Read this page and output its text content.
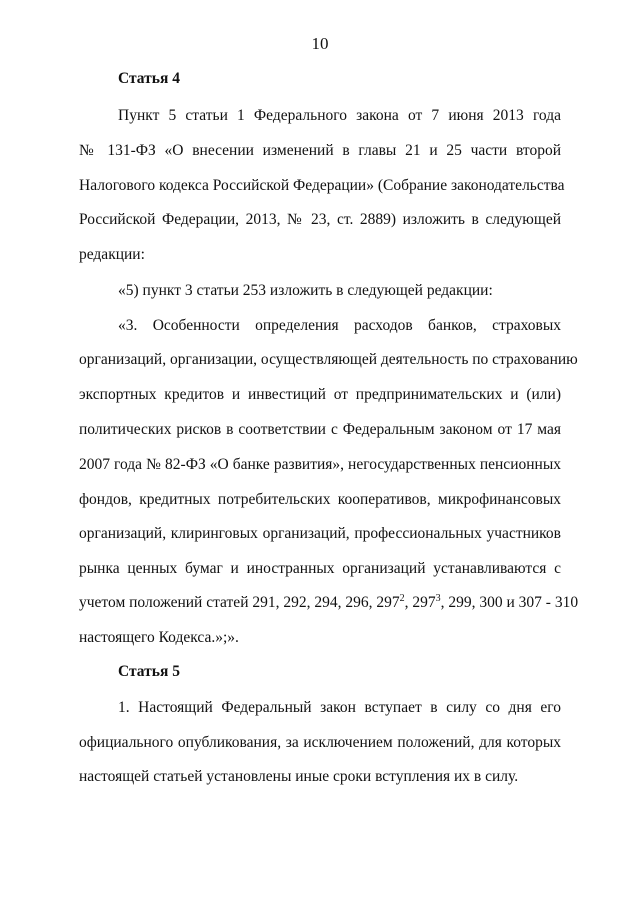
10
Статья 4
Пункт 5 статьи 1 Федерального закона от 7 июня 2013 года
№ 131-ФЗ «О внесении изменений в главы 21 и 25 части второй
Налогового кодекса Российской Федерации» (Собрание законодательства
Российской Федерации, 2013, № 23, ст. 2889) изложить в следующей
редакции:
«5) пункт 3 статьи 253 изложить в следующей редакции:
«3. Особенности определения расходов банков, страховых
организаций, организации, осуществляющей деятельность по страхованию
экспортных кредитов и инвестиций от предпринимательских и (или)
политических рисков в соответствии с Федеральным законом от 17 мая
2007 года № 82-ФЗ «О банке развития», негосударственных пенсионных
фондов, кредитных потребительских кооперативов, микрофинансовых
организаций, клиринговых организаций, профессиональных участников
рынка ценных бумаг и иностранных организаций устанавливаются с
учетом положений статей 291, 292, 294, 296, $297^2$, $297^3$, 299, 300 и 307 - 310
настоящего Кодекса.»;».
Статья 5
1. Настоящий Федеральный закон вступает в силу со дня его
официального опубликования, за исключением положений, для которых
настоящей статьей установлены иные сроки вступления их в силу.
